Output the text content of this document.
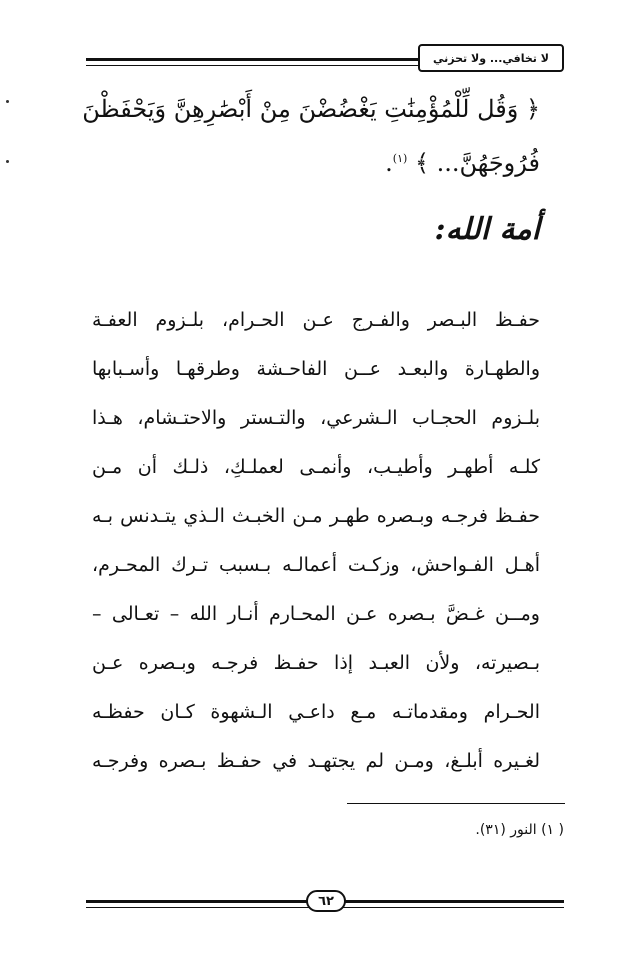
لا تخافي... ولا تحزني
﴿ وَقُل لِّلْمُؤْمِنَٰتِ يَغْضُضْنَ مِنْ أَبْصَٰرِهِنَّ وَيَحْفَظْنَ
فُرُوجَهُنَّ... ﴾ $^{(١)}$.
أمة الله:
حفـظ البـصر والفـرج عـن الحـرام، بلـزوم العفـة
والطهـارة والبعـد عــن الفاحـشة وطرقهـا وأسـبابها
بلـزوم الحجـاب الـشرعي، والتـستر والاحتـشام، هـذا
كلـه أطهـر وأطيـب، وأنمـى لعملـكِ، ذلـك أن مـن
حفـظ فرجـه وبـصره طهـر مـن الخبـث الـذي يتـدنس بـه
أهـل الفـواحش، وزكـت أعمالـه بـسبب تـرك المحـرم،
ومــن غـضَّ بـصره عـن المحـارم أنـار الله – تعـالى –
بـصيرته، ولأن العبـد إذا حفـظ فرجـه وبـصره عـن
الحـرام ومقدماتـه مـع داعـي الـشهوة كـان حفظـه
لغـيره أبلـغ، ومـن لم يجتهـد في حفـظ بـصره وفرجـه
( ١) النور (٣١).
٦٢
